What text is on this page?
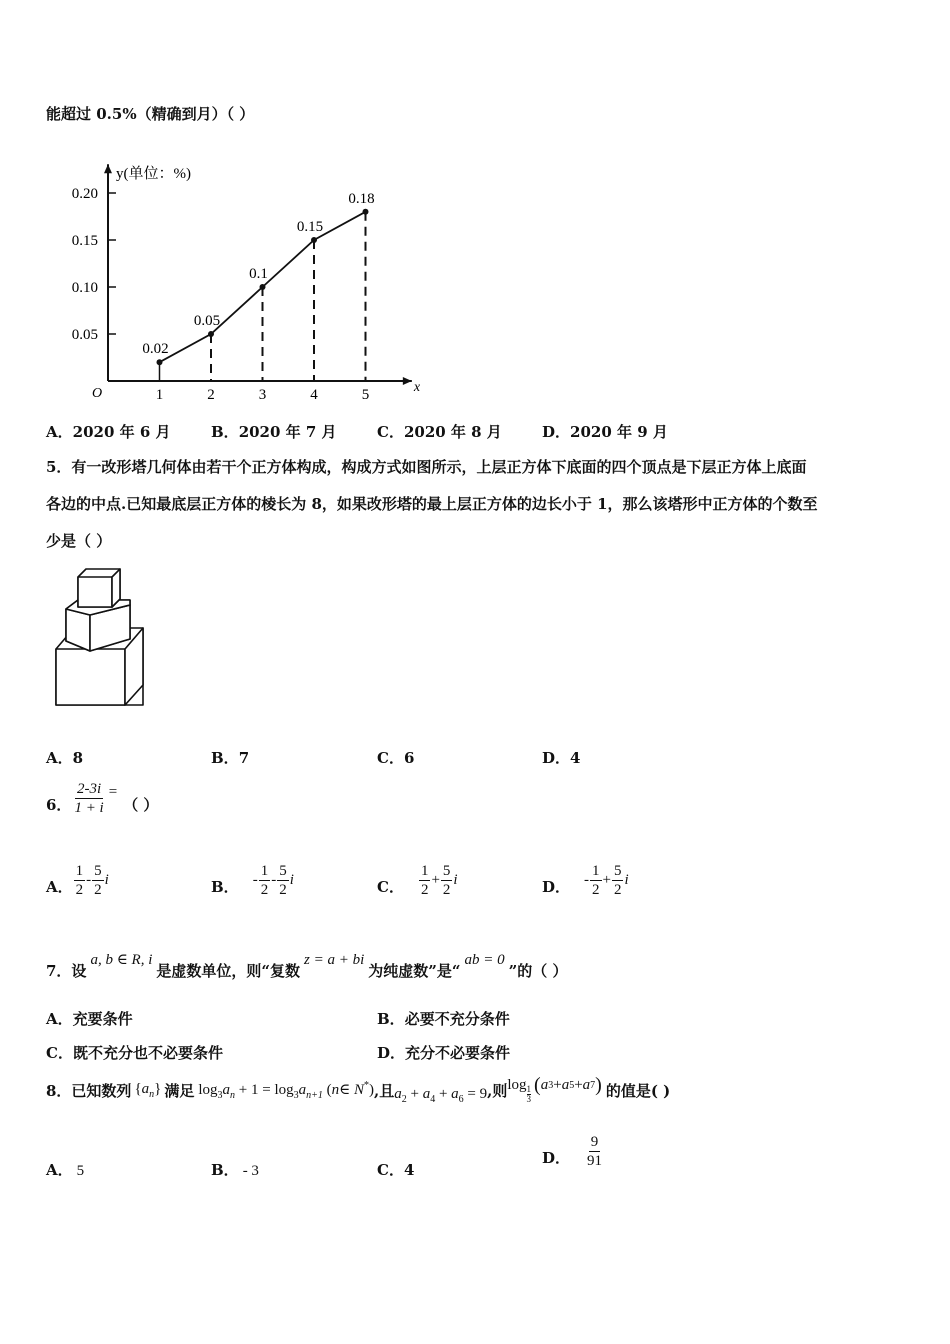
能超过 0.5%（精确到月）（ ）
y(单位：%)
x
O
0.05
0.10
0.15
0.20
1	2	3	4	5
0.02
0.05
0.1
0.15
0.18
A．2020 年 6 月	B．2020 年 7 月	C．2020 年 8 月	D．2020 年 9 月
5．有一改形塔几何体由若干个正方体构成，构成方式如图所示，上层正方体下底面的四个顶点是下层正方体上底面
各边的中点.已知最底层正方体的棱长为 8，如果改形塔的最上层正方体的边长小于 1，那么该塔形中正方体的个数至
少是（ ）
A．8	B．7	C．6	D．4
6． $\frac{2-3i}{1 + i}$ =
（ ）
A． $\frac{1}{2} - \frac{5}{2}$ i	B． - $\frac{1}{2} - \frac{5}{2}$ i	C． $\frac{1}{2} + \frac{5}{2}$ i	D． - $\frac{1}{2} + \frac{5}{2}$ i
7．设a, b ∈ R, i是虚数单位，则“复数z = a + bi为纯虚数”是“ab = 0”的（ ）
A．充要条件	B．必要不充分条件
C．既不充分也不必要条件	D．充分不必要条件
8．已知数列 $\{a_n\}$ 满足 $\log_3a_n + 1 = \log_3a_{n+1}$ (n∈ N*) ,且 $a_2 + a_4 + a_6 = 9$ ,则 log 1
3
( a 3 + a 5 + a 7 ) 的值是( )
A． 5	B． - 3	C．4
D． $\frac{9}{91}$
